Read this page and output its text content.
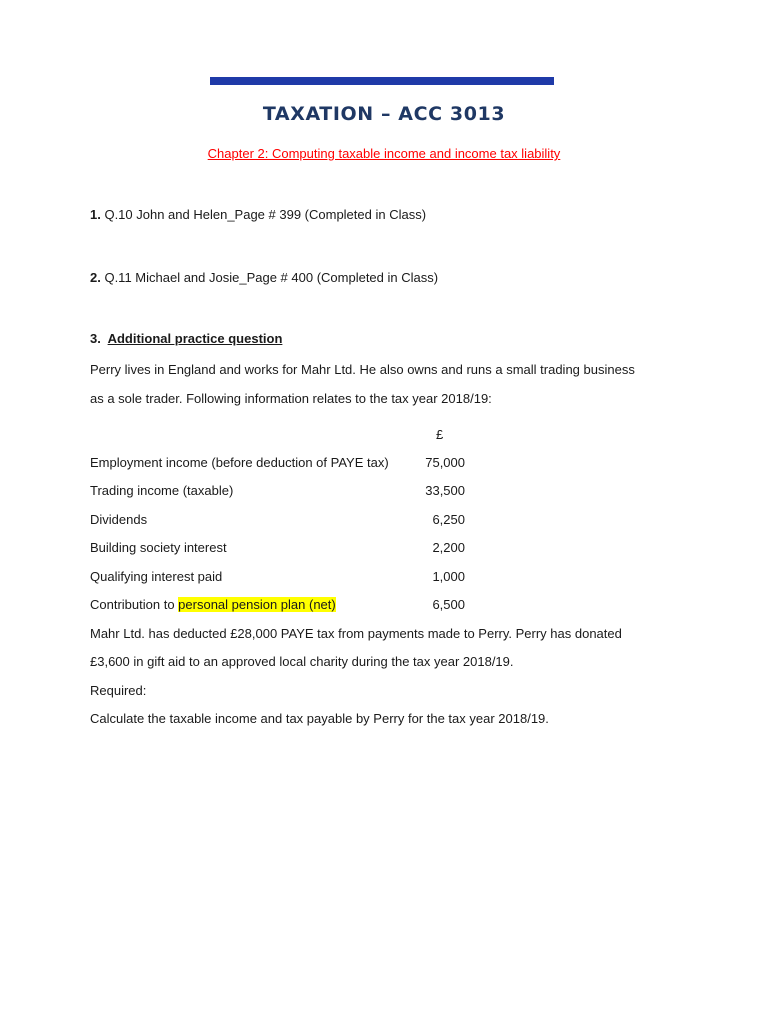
TAXATION – ACC 3013
Chapter 2: Computing taxable income and income tax liability
1. Q.10 John and Helen_Page # 399 (Completed in Class)
2. Q.11 Michael and Josie_Page # 400 (Completed in Class)
3. Additional practice question
Perry lives in England and works for Mahr Ltd. He also owns and runs a small trading business
as a sole trader. Following information relates to the tax year 2018/19:
£
Employment income (before deduction of PAYE tax)	75,000
Trading income (taxable)	33,500
Dividends	6,250
Building society interest	2,200
Qualifying interest paid	1,000
Contribution to personal pension plan (net)	6,500
Mahr Ltd. has deducted £28,000 PAYE tax from payments made to Perry. Perry has donated
£3,600 in gift aid to an approved local charity during the tax year 2018/19.
Required:
Calculate the taxable income and tax payable by Perry for the tax year 2018/19.
